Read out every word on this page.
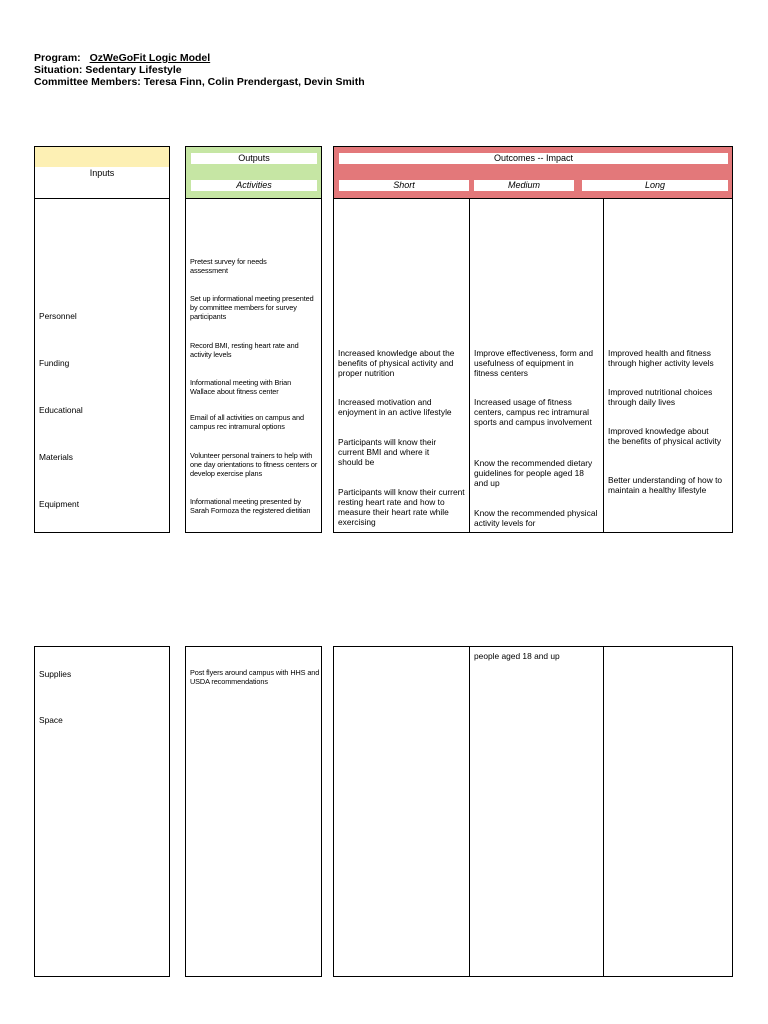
Program: OzWeGoFit Logic Model
Situation: Sedentary Lifestyle
Committee Members: Teresa Finn, Colin Prendergast, Devin Smith
Inputs
Outputs
Activities
Outcomes -- Impact
Short	Medium	Long
Personnel
Funding
Educational
Materials
Equipment
Pretest survey for needs assessment
Set up informational meeting presented by committee members for survey participants
Record BMI, resting heart rate and activity levels
Informational meeting with Brian Wallace about fitness center
Email of all activities on campus and campus rec intramural options
Volunteer personal trainers to help with one day orientations to fitness centers or develop exercise plans
Informational meeting presented by Sarah Formoza the registered dietitian
Increased knowledge about the benefits of physical activity and proper nutrition
Increased motivation and enjoyment in an active lifestyle
Participants will know their current BMI and where it should be
Participants will know their current resting heart rate and how to measure their heart rate while exercising
Improve effectiveness, form and usefulness of equipment in fitness centers
Increased usage of fitness centers, campus rec intramural sports and campus involvement
Know the recommended dietary guidelines for people aged 18 and up
Know the recommended physical activity levels for
Improved health and fitness through higher activity levels
Improved nutritional choices through daily lives
Improved knowledge about the benefits of physical activity
Better understanding of how to maintain a healthy lifestyle
Supplies
Space
Post flyers around campus with HHS and USDA recommendations
people aged 18 and up
